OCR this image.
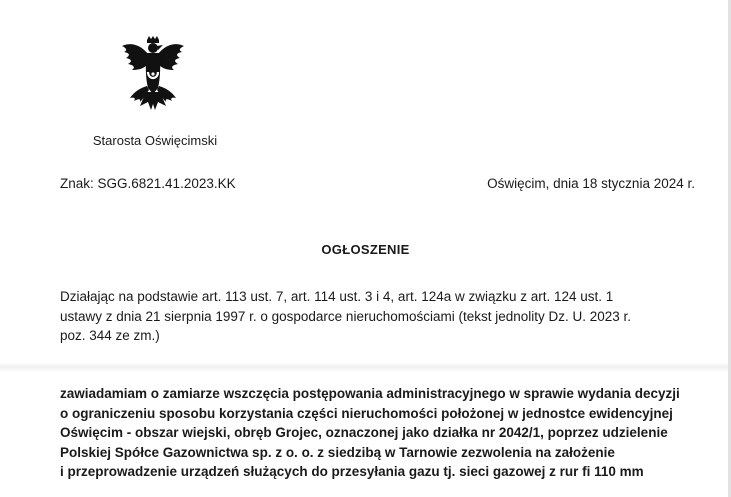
Starosta Oświęcimski
Znak: SGG.6821.41.2023.KK	Oświęcim, dnia 18 stycznia 2024 r.
OGŁOSZENIE
Działając na podstawie art. 113 ust. 7, art. 114 ust. 3 i 4, art. 124a w związku z art. 124 ust. 1
ustawy z dnia 21 sierpnia 1997 r. o gospodarce nieruchomościami (tekst jednolity Dz. U. 2023 r.
poz. 344 ze zm.)
zawiadamiam o zamiarze wszczęcia postępowania administracyjnego w sprawie wydania decyzji
o ograniczeniu sposobu korzystania części nieruchomości położonej w jednostce ewidencyjnej
Oświęcim - obszar wiejski, obręb Grojec, oznaczonej jako działka nr 2042/1, poprzez udzielenie
Polskiej Spółce Gazownictwa sp. z o. o. z siedzibą w Tarnowie zezwolenia na założenie
i przeprowadzenie urządzeń służących do przesyłania gazu tj. sieci gazowej z rur fi 110 mm
